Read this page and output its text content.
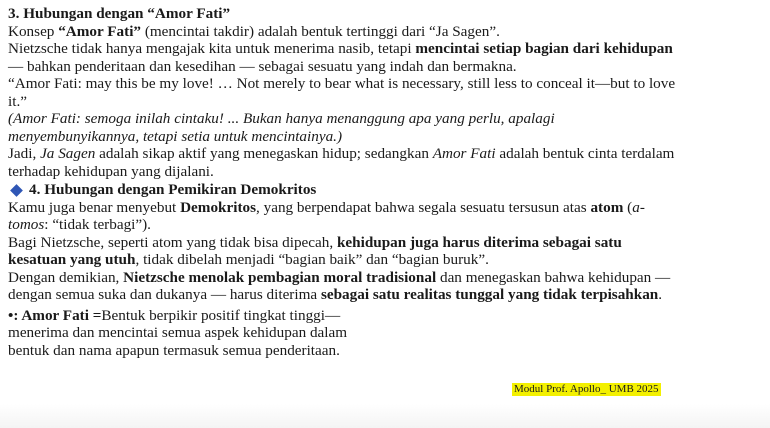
3. Hubungan dengan “Amor Fati”
Konsep “Amor Fati” (mencintai takdir) adalah bentuk tertinggi dari “Ja Sagen”.
Nietzsche tidak hanya mengajak kita untuk menerima nasib, tetapi mencintai setiap bagian dari kehidupan
— bahkan penderitaan dan kesedihan — sebagai sesuatu yang indah dan bermakna.
“Amor Fati: may this be my love! … Not merely to bear what is necessary, still less to conceal it—but to love
it.”
(Amor Fati: semoga inilah cintaku! ... Bukan hanya menanggung apa yang perlu, apalagi
menyembunyikannya, tetapi setia untuk mencintainya.)
Jadi, Ja Sagen adalah sikap aktif yang menegaskan hidup; sedangkan Amor Fati adalah bentuk cinta terdalam
terhadap kehidupan yang dijalani.
4. Hubungan dengan Pemikiran Demokritos
Kamu juga benar menyebut Demokritos, yang berpendapat bahwa segala sesuatu tersusun atas atom (a-
tomos: “tidak terbagi”).
Bagi Nietzsche, seperti atom yang tidak bisa dipecah, kehidupan juga harus diterima sebagai satu
kesatuan yang utuh, tidak dibelah menjadi “bagian baik” dan “bagian buruk”.
Dengan demikian, Nietzsche menolak pembagian moral tradisional dan menegaskan bahwa kehidupan —
dengan semua suka dan dukanya — harus diterima sebagai satu realitas tunggal yang tidak terpisahkan.
•: Amor Fati =Bentuk berpikir positif tingkat tinggi—
menerima dan mencintai semua aspek kehidupan dalam
bentuk dan nama apapun termasuk semua penderitaan.
Modul Prof. Apollo_ UMB 2025
